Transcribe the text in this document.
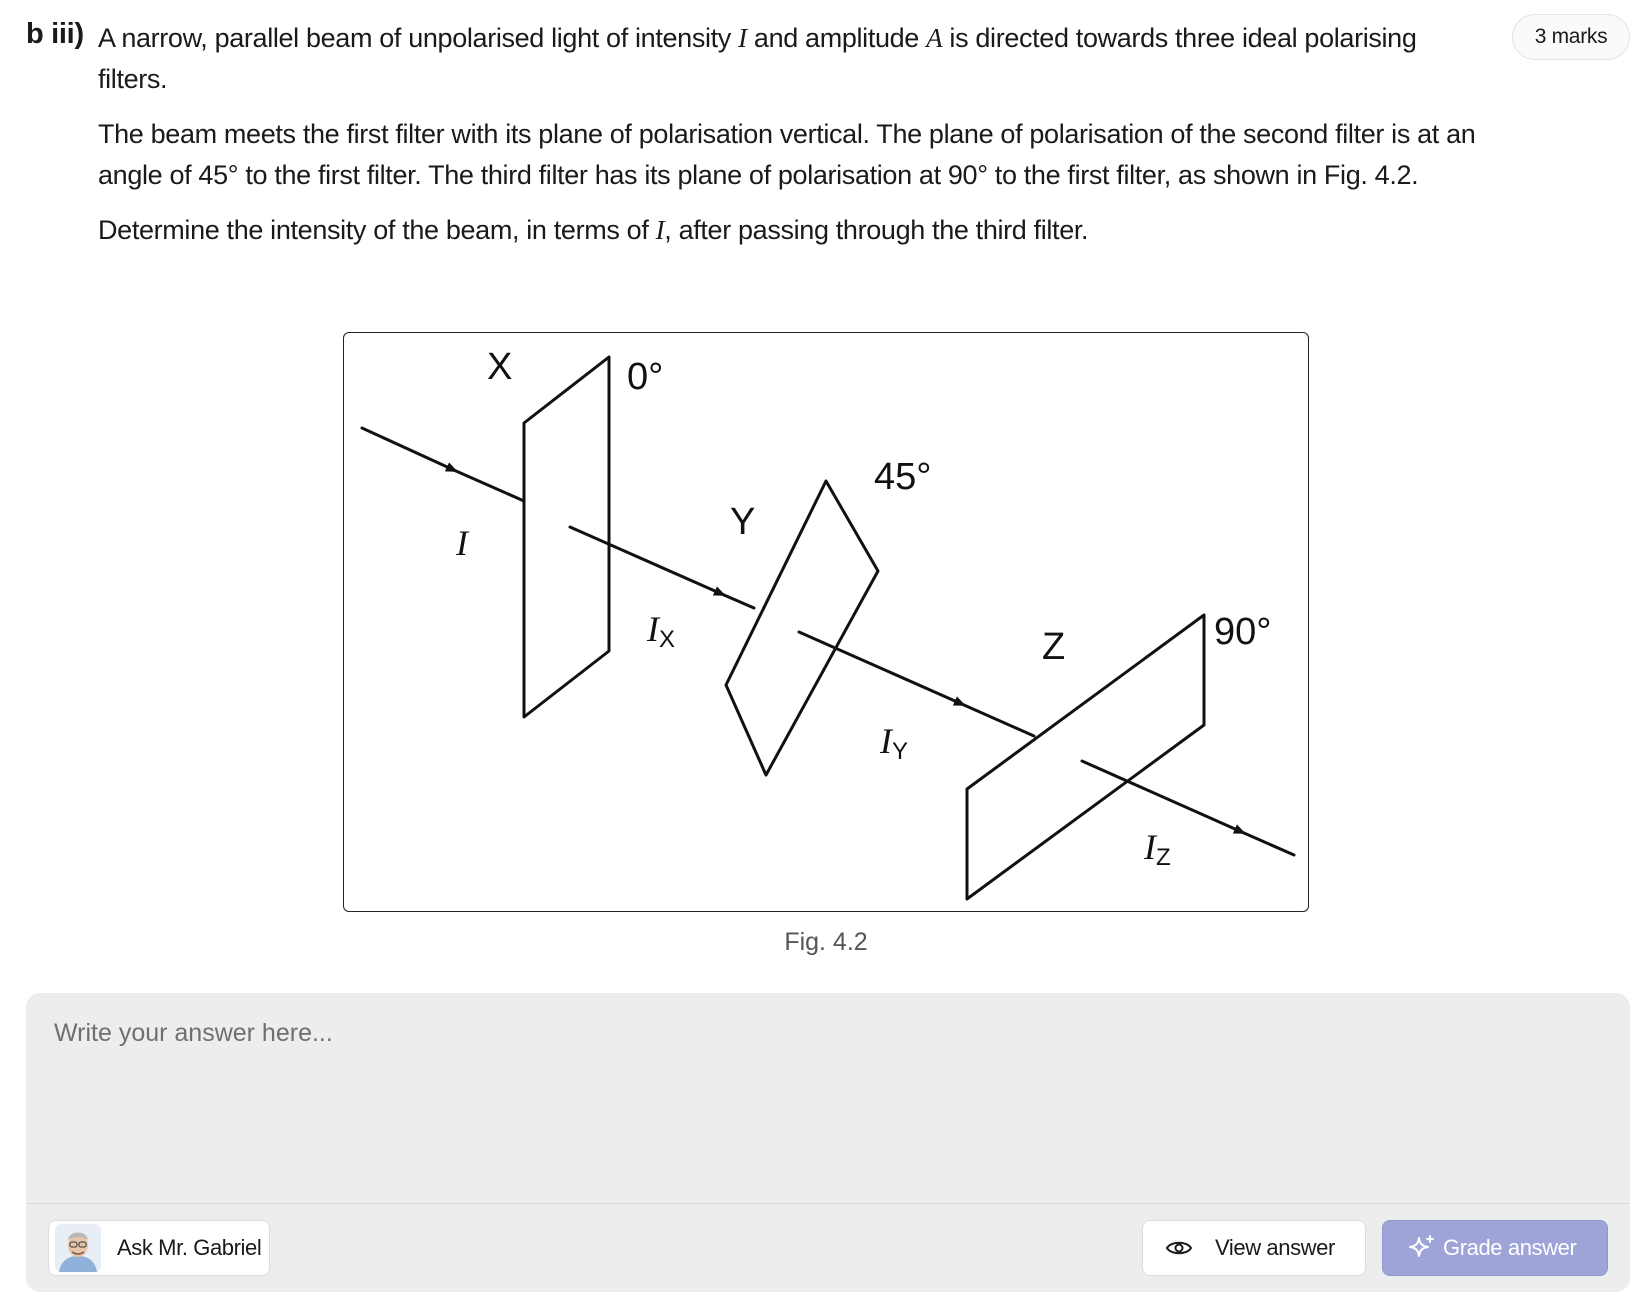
b iii) A narrow, parallel beam of unpolarised light of intensity I and amplitude A is directed towards three ideal polarising filters.

The beam meets the first filter with its plane of polarisation vertical. The plane of polarisation of the second filter is at an angle of 45° to the first filter. The third filter has its plane of polarisation at 90° to the first filter, as shown in Fig. 4.2.

Determine the intensity of the beam, in terms of I, after passing through the third filter.

3 marks
X	0°
Y
45°
Z	90°
I
IX
IY
IZ
Fig. 4.2
Write your answer here...
Ask Mr. Gabriel	View answer	Grade answer
